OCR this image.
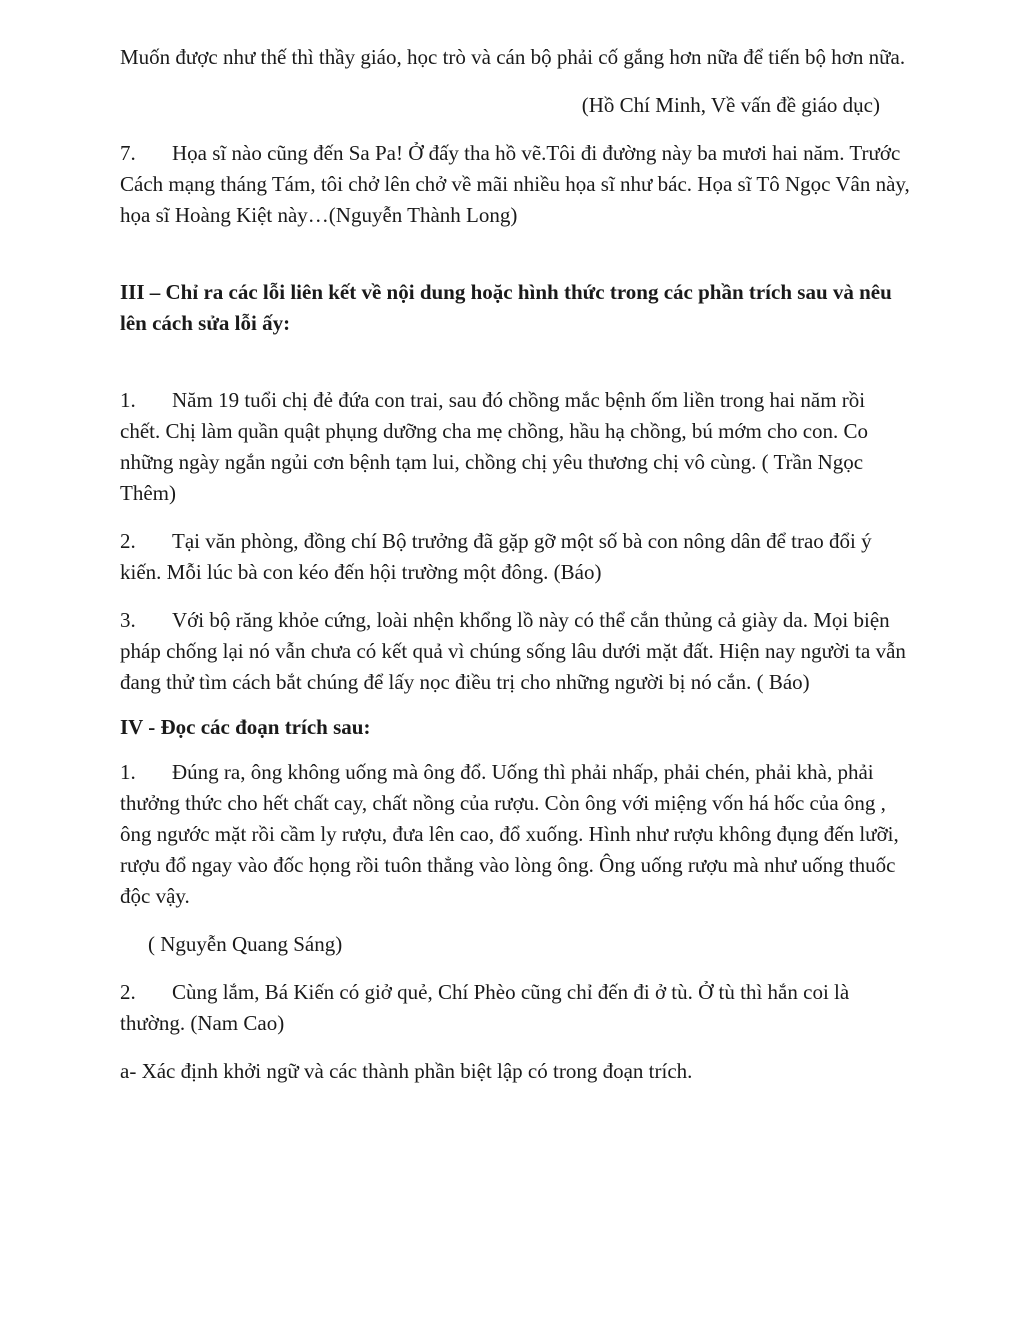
Muốn được như thế thì thầy giáo, học trò và cán bộ phải cố gắng hơn nữa để tiến bộ hơn nữa.

(Hồ Chí Minh, Về vấn đề giáo dục)

7. Họa sĩ nào cũng đến Sa Pa! Ở đấy tha hồ vẽ.Tôi đi đường này ba mươi hai năm. Trước Cách mạng tháng Tám, tôi chở lên chở về mãi nhiều họa sĩ như bác. Họa sĩ Tô Ngọc Vân này, họa sĩ Hoàng Kiệt này…(Nguyễn Thành Long)

III – Chỉ ra các lỗi liên kết về nội dung hoặc hình thức trong các phần trích sau và nêu lên cách sửa lỗi ấy:

1. Năm 19 tuổi chị đẻ đứa con trai, sau đó chồng mắc bệnh ốm liền trong hai năm rồi chết. Chị làm quần quật phụng dưỡng cha mẹ chồng, hầu hạ chồng, bú mớm cho con. Co những ngày ngắn ngủi cơn bệnh tạm lui, chồng chị yêu thương chị vô cùng. ( Trần Ngọc Thêm)

2. Tại văn phòng, đồng chí Bộ trưởng đã gặp gỡ một số bà con nông dân để trao đổi ý kiến. Mỗi lúc bà con kéo đến hội trường một đông. (Báo)

3. Với bộ răng khỏe cứng, loài nhện khổng lồ này có thể cắn thủng cả giày da. Mọi biện pháp chống lại nó vẫn chưa có kết quả vì chúng sống lâu dưới mặt đất. Hiện nay người ta vẫn đang thử tìm cách bắt chúng để lấy nọc điều trị cho những người bị nó cắn. ( Báo)

IV - Đọc các đoạn trích sau:

1. Đúng ra, ông không uống mà ông đổ. Uống thì phải nhấp, phải chén, phải khà, phải thưởng thức cho hết chất cay, chất nồng của rượu. Còn ông với miệng vốn há hốc của ông , ông ngước mặt rồi cầm ly rượu, đưa lên cao, đổ xuống. Hình như rượu không đụng đến lưỡi, rượu đổ ngay vào đốc họng rồi tuôn thẳng vào lòng ông. Ông uống rượu mà như uống thuốc độc vậy.

( Nguyễn Quang Sáng)

2. Cùng lắm, Bá Kiến có giở quẻ, Chí Phèo cũng chỉ đến đi ở tù. Ở tù thì hắn coi là thường. (Nam Cao)

a- Xác định khởi ngữ và các thành phần biệt lập có trong đoạn trích.
